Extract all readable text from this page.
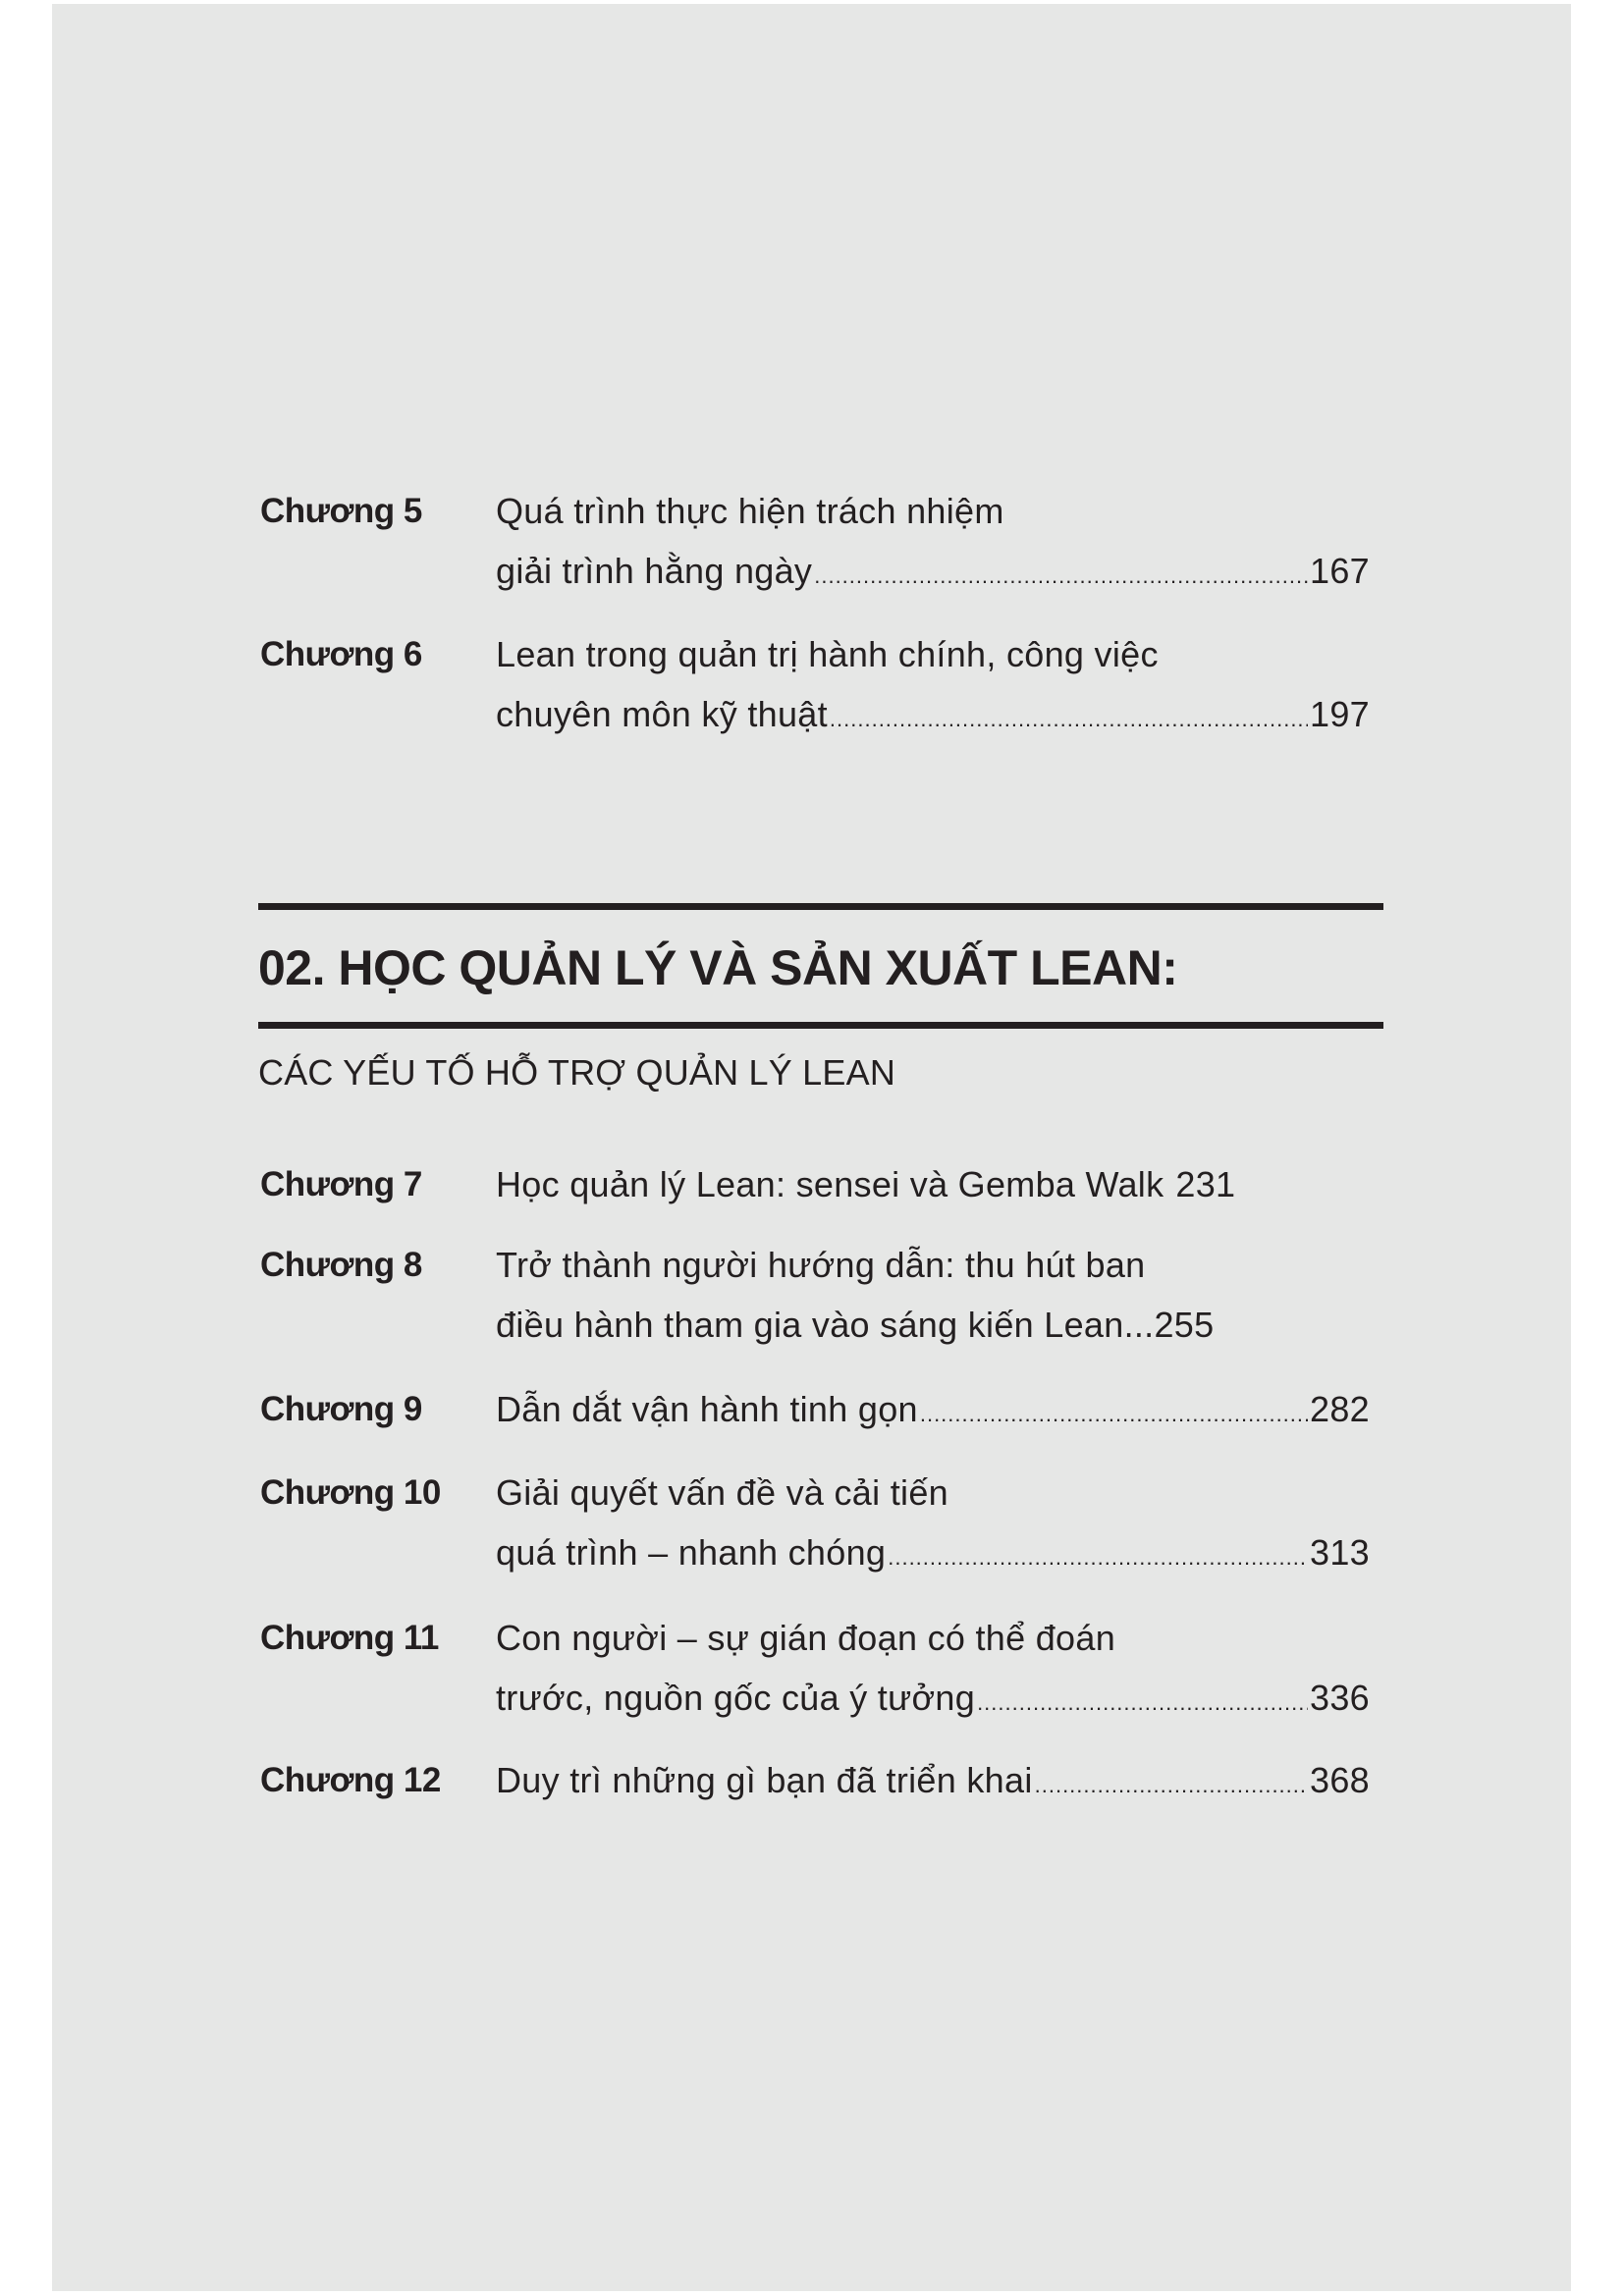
Chương 5 Quá trình thực hiện trách nhiệm
giải trình hằng ngày .....	167
Chương 6 Lean trong quản trị hành chính, công việc
chuyên môn kỹ thuật .....	197
02. HỌC QUẢN LÝ VÀ SẢN XUẤT LEAN:
CÁC YẾU TỐ HỖ TRỢ QUẢN LÝ LEAN
Chương 7 Học quản lý Lean: sensei và Gemba Walk 231
Chương 8 Trở thành người hướng dẫn: thu hút ban
điều hành tham gia vào sáng kiến Lean... 255
Chương 9 Dẫn dắt vận hành tinh gọn .....	282
Chương 10 Giải quyết vấn đề và cải tiến
quá trình – nhanh chóng .....	313
Chương 11 Con người – sự gián đoạn có thể đoán
trước, nguồn gốc của ý tưởng .....	336
Chương 12 Duy trì những gì bạn đã triển khai .....	368
